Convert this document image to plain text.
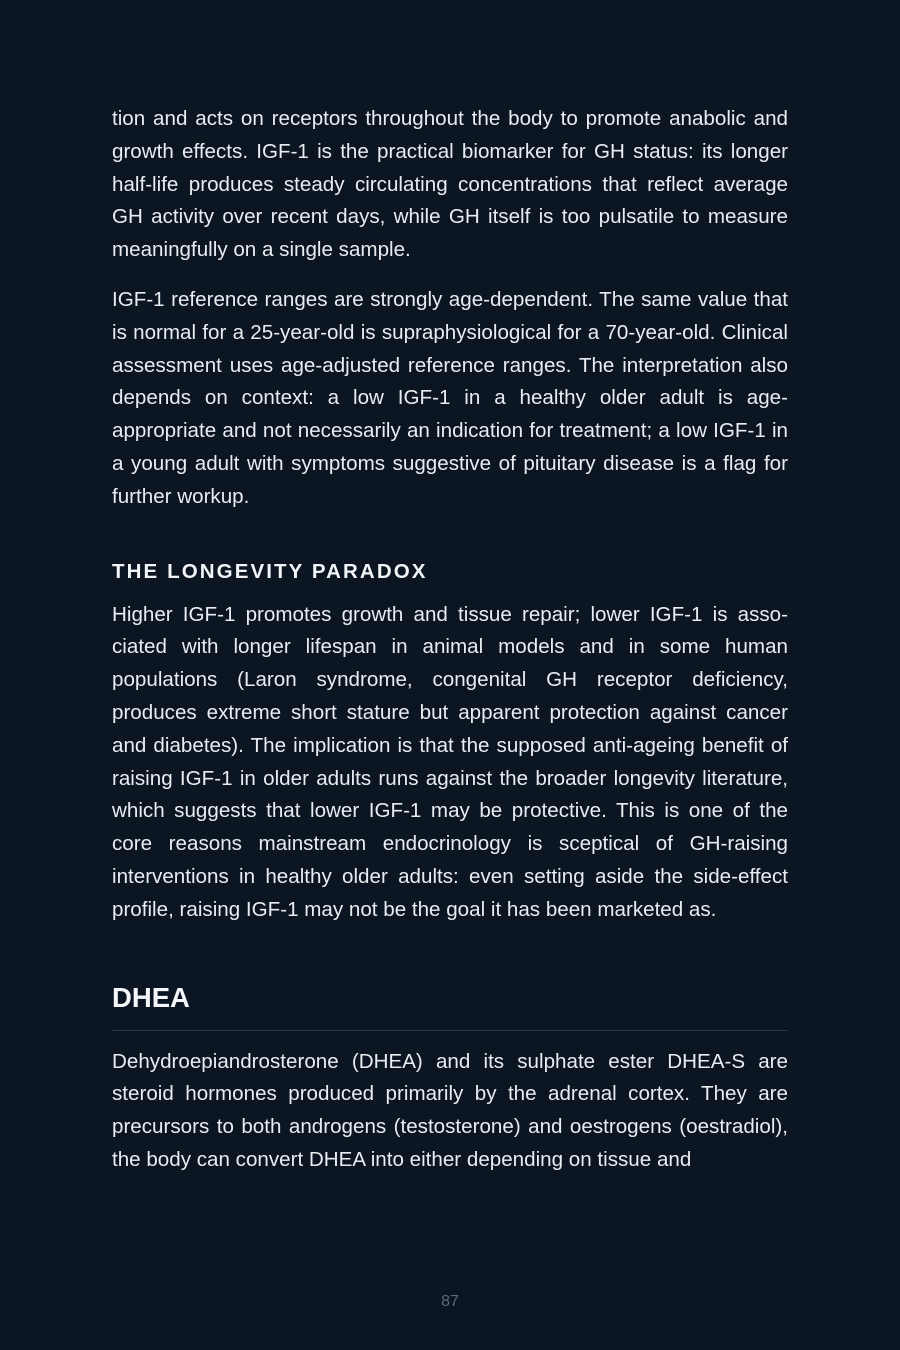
tion and acts on receptors throughout the body to promote anabolic and growth effects. IGF-1 is the practical biomarker for GH status: its longer half-life produces steady circulating concentrations that reflect average GH activity over recent days, while GH itself is too pulsatile to measure meaningfully on a single sample.

IGF-1 reference ranges are strongly age-dependent. The same value that is normal for a 25-year-old is supraphysiological for a 70-year-old. Clinical assessment uses age-adjusted reference ranges. The interpretation also depends on context: a low IGF-1 in a healthy older adult is age-appropriate and not necessarily an indication for treatment; a low IGF-1 in a young adult with symptoms suggestive of pituitary disease is a flag for further workup.

THE LONGEVITY PARADOX

Higher IGF-1 promotes growth and tissue repair; lower IGF-1 is associated with longer lifespan in animal models and in some human populations (Laron syndrome, congenital GH receptor deficiency, produces extreme short stature but apparent protection against cancer and diabetes). The implication is that the supposed anti-ageing benefit of raising IGF-1 in older adults runs against the broader longevity literature, which suggests that lower IGF-1 may be protective. This is one of the core reasons mainstream endocrinology is sceptical of GH-raising interventions in healthy older adults: even setting aside the side-effect profile, raising IGF-1 may not be the goal it has been marketed as.

DHEA

Dehydroepiandrosterone (DHEA) and its sulphate ester DHEA-S are steroid hormones produced primarily by the adrenal cortex. They are precursors to both androgens (testosterone) and oestrogens (oestradiol), the body can convert DHEA into either depending on tissue and

87
